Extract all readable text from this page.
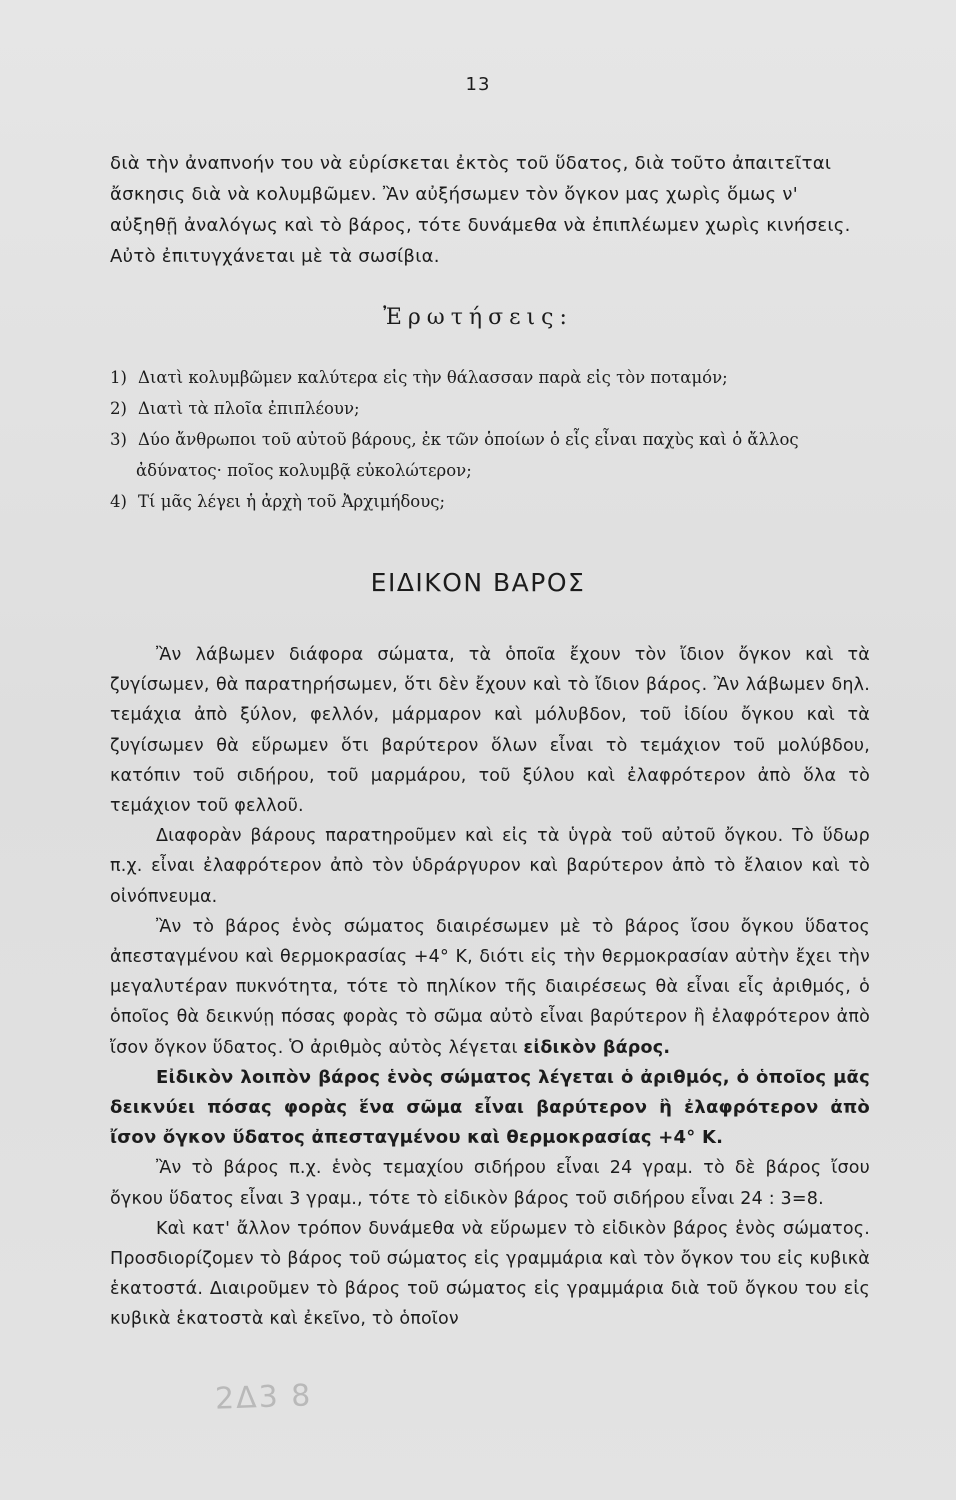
13

διὰ τὴν ἀναπνοήν του νὰ εὑρίσκεται ἐκτὸς τοῦ ὕδατος, διὰ τοῦτο ἀπαιτεῖται ἄσκησις διὰ νὰ κολυμβῶμεν. Ἂν αὐξήσωμεν τὸν ὄγκον μας χωρὶς ὅμως ν' αὐξηθῇ ἀναλόγως καὶ τὸ βάρος, τότε δυνάμεθα νὰ ἐπιπλέωμεν χωρὶς κινήσεις. Αὐτὸ ἐπιτυγχάνεται μὲ τὰ σωσίβια.

Ἐρωτήσεις:
1) Διατὶ κολυμβῶμεν καλύτερα εἰς τὴν θάλασσαν παρὰ εἰς τὸν ποταμόν;
2) Διατὶ τὰ πλοῖα ἐπιπλέουν;
3) Δύο ἄνθρωποι τοῦ αὐτοῦ βάρους, ἐκ τῶν ὁποίων ὁ εἷς εἶναι παχὺς καὶ ὁ ἄλλος
ἀδύνατος· ποῖος κολυμβᾷ εὐκολώτερον;
4) Τί μᾶς λέγει ἡ ἀρχὴ τοῦ Ἀρχιμήδους;
ΕΙΔΙΚΟΝ ΒΑΡΟΣ

Ἂν λάβωμεν διάφορα σώματα, τὰ ὁποῖα ἔχουν τὸν ἴδιον ὄγκον καὶ τὰ ζυγίσωμεν, θὰ παρατηρήσωμεν, ὅτι δὲν ἔχουν καὶ τὸ ἴδιον βάρος. Ἂν λάβωμεν δηλ. τεμάχια ἀπὸ ξύλον, φελλόν, μάρμαρον καὶ μόλυβδον, τοῦ ἰδίου ὄγκου καὶ τὰ ζυγίσωμεν θὰ εὕρωμεν ὅτι βαρύτερον ὅλων εἶναι τὸ τεμάχιον τοῦ μολύβδου, κατόπιν τοῦ σιδήρου, τοῦ μαρμάρου, τοῦ ξύλου καὶ ἐλαφρότερον ἀπὸ ὅλα τὸ τεμάχιον τοῦ φελλοῦ.

Διαφορὰν βάρους παρατηροῦμεν καὶ εἰς τὰ ὑγρὰ τοῦ αὐτοῦ ὄγκου. Τὸ ὕδωρ π.χ. εἶναι ἐλαφρότερον ἀπὸ τὸν ὑδράργυρον καὶ βαρύτερον ἀπὸ τὸ ἔλαιον καὶ τὸ οἰνόπνευμα.

Ἂν τὸ βάρος ἑνὸς σώματος διαιρέσωμεν μὲ τὸ βάρος ἴσου ὄγκου ὕδατος ἀπεσταγμένου καὶ θερμοκρασίας +4° Κ, διότι εἰς τὴν θερμοκρασίαν αὐτὴν ἔχει τὴν μεγαλυτέραν πυκνότητα, τότε τὸ πηλίκον τῆς διαιρέσεως θὰ εἶναι εἷς ἀριθμός, ὁ ὁποῖος θὰ δεικνύῃ πόσας φορὰς τὸ σῶμα αὐτὸ εἶναι βαρύτερον ἢ ἐλαφρότερον ἀπὸ ἴσον ὄγκον ὕδατος. Ὁ ἀριθμὸς αὐτὸς λέγεται εἰδικὸν βάρος.

Εἰδικὸν λοιπὸν βάρος ἑνὸς σώματος λέγεται ὁ ἀριθμός, ὁ ὁποῖος μᾶς δεικνύει πόσας φορὰς ἕνα σῶμα εἶναι βαρύτερον ἢ ἐλαφρότερον ἀπὸ ἴσον ὄγκον ὕδατος ἀπεσταγμένου καὶ θερμοκρασίας +4° Κ.

Ἂν τὸ βάρος π.χ. ἑνὸς τεμαχίου σιδήρου εἶναι 24 γραμ. τὸ δὲ βάρος ἴσου ὄγκου ὕδατος εἶναι 3 γραμ., τότε τὸ εἰδικὸν βάρος τοῦ σιδήρου εἶναι 24 : 3=8.

Καὶ κατ' ἄλλον τρόπον δυνάμεθα νὰ εὕρωμεν τὸ εἰδικὸν βάρος ἑνὸς σώματος. Προσδιορίζομεν τὸ βάρος τοῦ σώματος εἰς γραμμάρια καὶ τὸν ὄγκον του εἰς κυβικὰ ἑκατοστά. Διαιροῦμεν τὸ βάρος τοῦ σώματος εἰς γραμμάρια διὰ τοῦ ὄγκου του εἰς κυβικὰ ἑκατοστὰ καὶ ἐκεῖνο, τὸ ὁποῖον

2Δ3 8
